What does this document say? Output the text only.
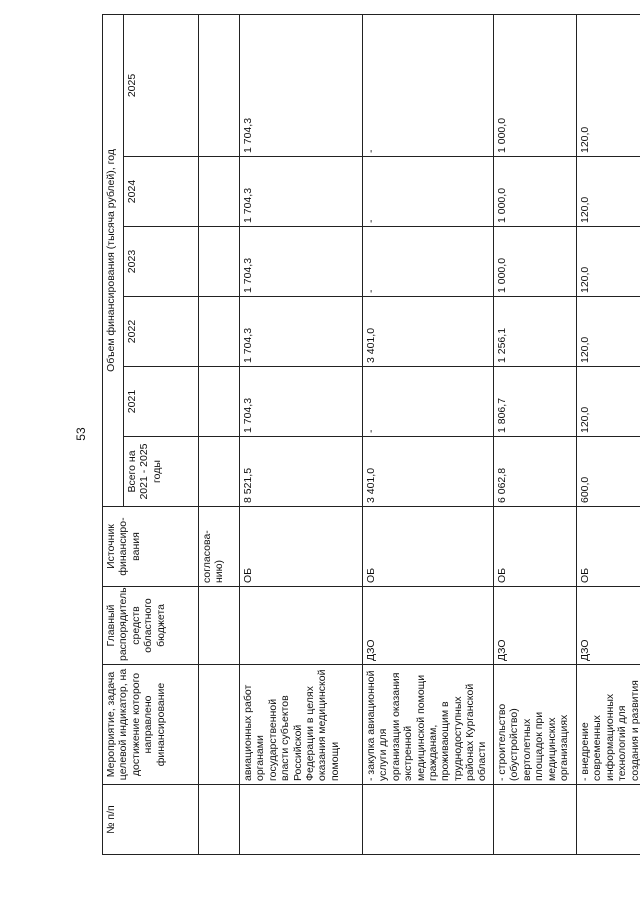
53
№ п/п	Мероприятие, задача целевой индикатор, на достижение которого направлено финансирование	Главный распорядитель средств областного бюджета	Источник финансиро-вания	Объем финансирования (тысяча рублей), год					
				Всего на 2021 - 2025 годы	2021	2022	2023	2024	2025
			согласова-нию)						
	авиационных работ органами государственной власти субъектов Российской Федерации в целях оказания медицинской помощи		ОБ	8 521,5	1 704,3	1 704,3	1 704,3	1 704,3	1 704,3
	- закупка авиационной услуги для организации оказания экстренной медицинской помощи гражданам, проживающим в труднодоступных районах Курганской области	ДЗО	ОБ	3 401,0	-	3 401,0	-	-	-
	- строительство (обустройство) вертолетных площадок при медицинских организациях	ДЗО	ОБ	6 062,8	1 806,7	1 256,1	1 000,0	1 000,0	1 000,0
	- внедрение современных информационных технологий для создания и развития	ДЗО	ОБ	600,0	120,0	120,0	120,0	120,0	120,0
